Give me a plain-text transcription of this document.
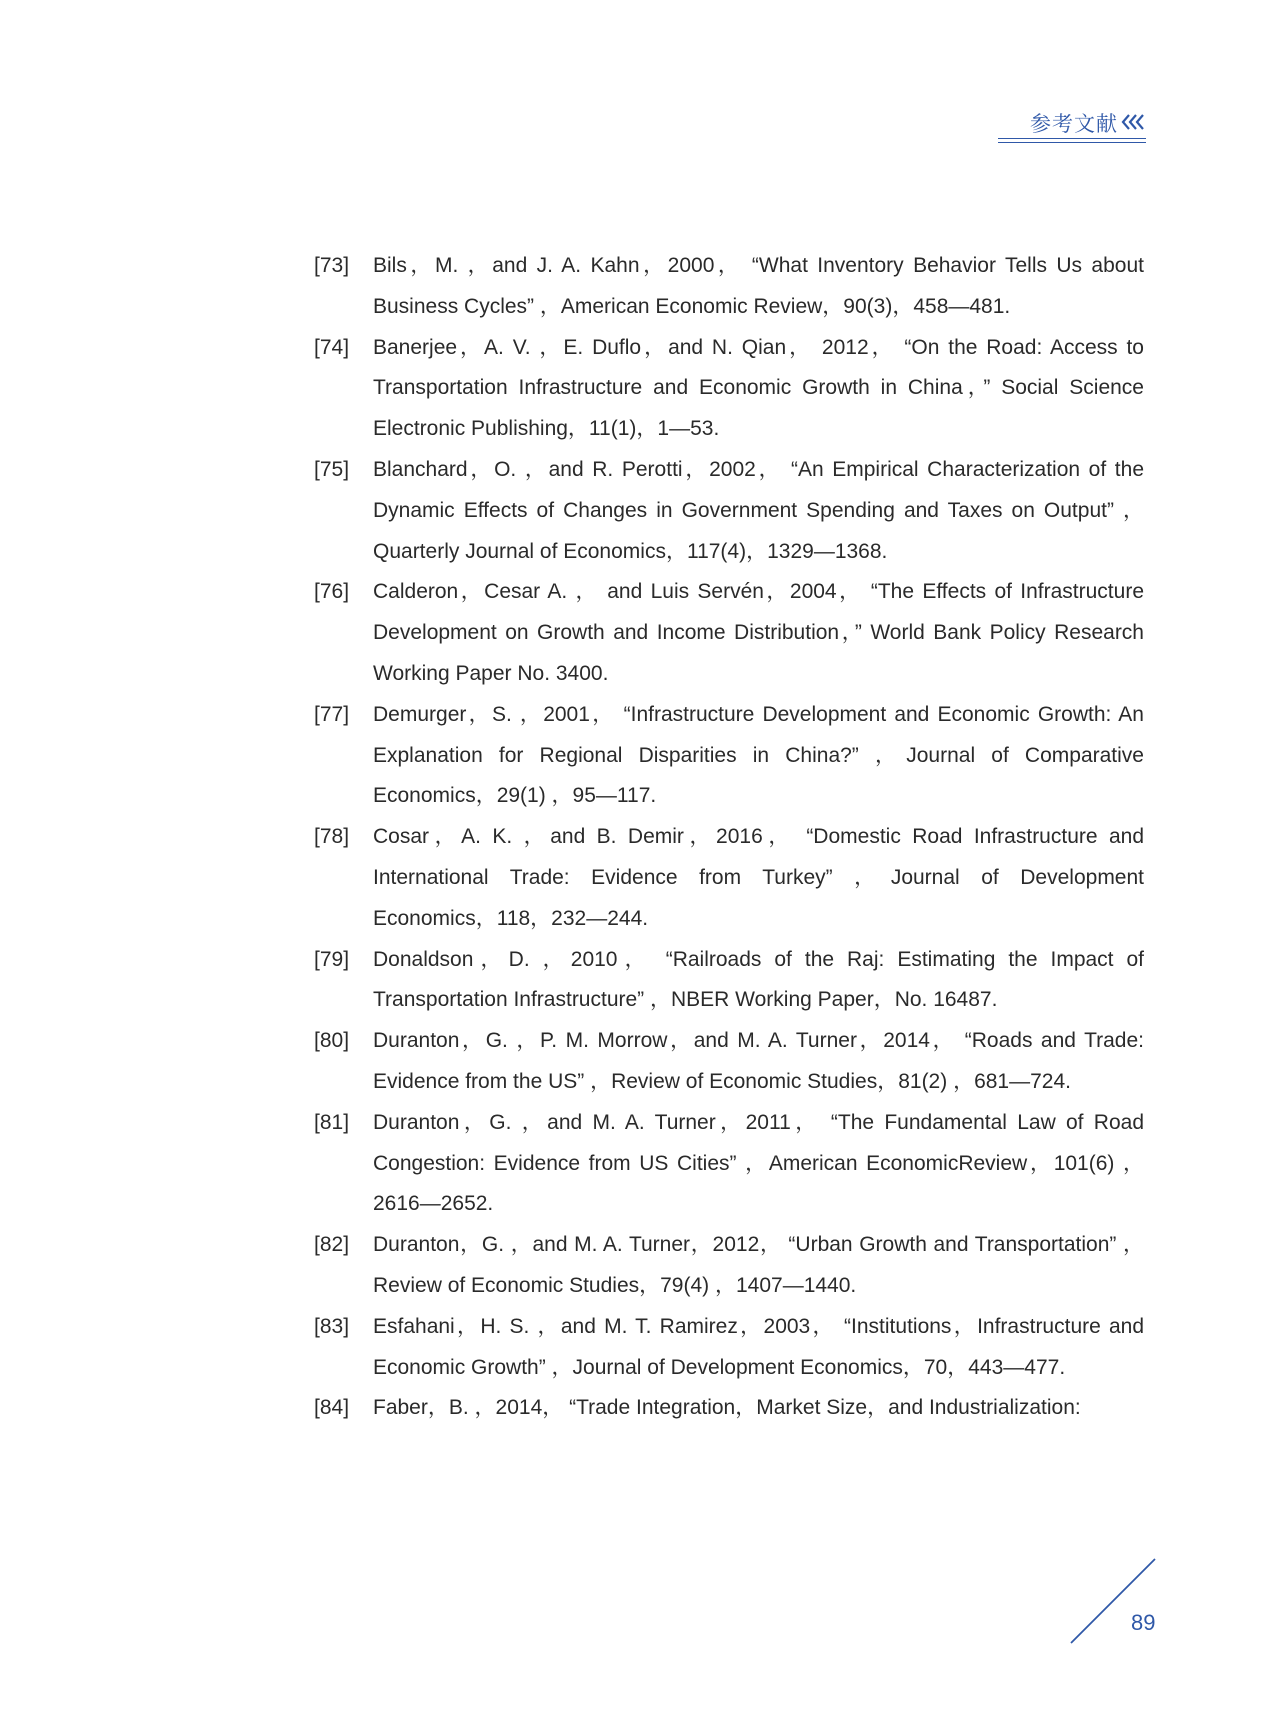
参考文献
[73] Bils，M. ，and J. A. Kahn，2000， “What Inventory Behavior Tells Us about Business Cycles” ，American Economic Review，90(3)，458—481.
[74] Banerjee，A. V. ，E. Duflo，and N. Qian， 2012， “On the Road: Access to Transportation Infrastructure and Economic Growth in China，” Social Science Electronic Publishing，11(1)，1—53.
[75] Blanchard，O. ，and R. Perotti，2002， “An Empirical Characterization of the Dynamic Effects of Changes in Government Spending and Taxes on Output” ，Quarterly Journal of Economics，117(4)，1329—1368.
[76] Calderon，Cesar A. ， and Luis Servén，2004， “The Effects of Infrastructure Development on Growth and Income Distribution，” World Bank Policy Research Working Paper No. 3400.
[77] Demurger，S. ，2001， “Infrastructure Development and Economic Growth: An Explanation for Regional Disparities in China?” ，Journal of Comparative Economics，29(1) ，95—117.
[78] Cosar，A. K. ，and B. Demir，2016， “Domestic Road Infrastructure and International Trade: Evidence from Turkey” ，Journal of Development Economics，118，232—244.
[79] Donaldson，D. ，2010， “Railroads of the Raj: Estimating the Impact of Transportation Infrastructure” ，NBER Working Paper，No. 16487.
[80] Duranton，G. ，P. M. Morrow，and M. A. Turner，2014， “Roads and Trade: Evidence from the US” ，Review of Economic Studies，81(2) ，681—724.
[81] Duranton，G. ，and M. A. Turner，2011， “The Fundamental Law of Road Congestion: Evidence from US Cities” ，American EconomicReview，101(6) ，2616—2652.
[82] Duranton，G. ，and M. A. Turner，2012， “Urban Growth and Transportation” ，Review of Economic Studies，79(4) ，1407—1440.
[83] Esfahani，H. S. ，and M. T. Ramirez，2003， “Institutions，Infrastructure and Economic Growth” ，Journal of Development Economics，70，443—477.
[84] Faber，B. ，2014， “Trade Integration，Market Size，and Industrialization:
89
